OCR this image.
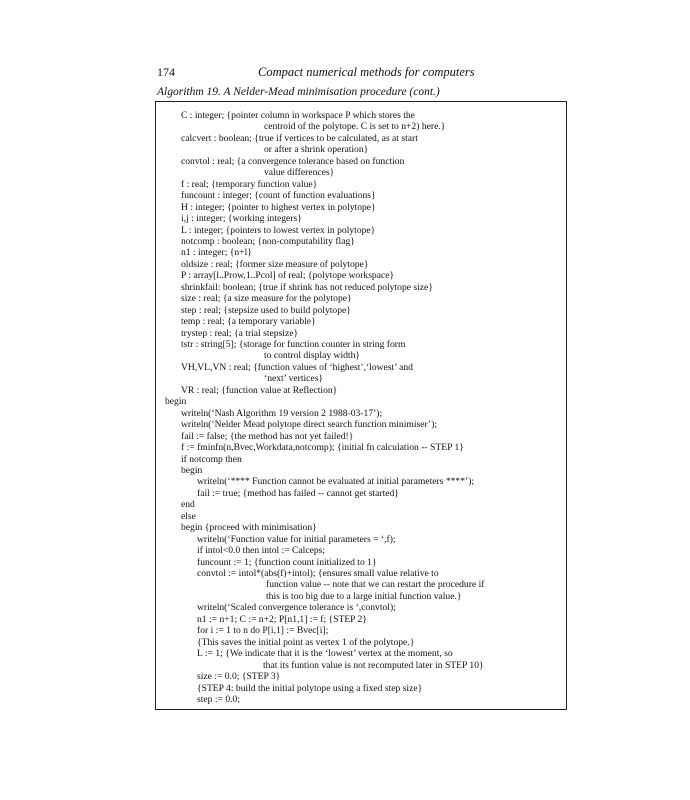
174	Compact numerical methods for computers
Algorithm 19. A Nelder-Mead minimisation procedure (cont.)
C : integer; {pointer column in workspace P which stores the
centroid of the polytope. C is set to n+2) here.}
calcvert : boolean; {true if vertices to be calculated, as at start
or after a shrink operation}
convtol : real; {a convergence tolerance based on function
value differences}
f : real; {temporary function value}
funcount : integer; {count of function evaluations}
H : integer; {pointer to highest vertex in polytope}
i,j : integer; {working integers}
L : integer; {pointers to lowest vertex in polytope}
notcomp : boolean; {non-computability flag}
n1 : integer; {n+l}
oldsize : real; {former size measure of polytope}
P : array[l..Prow,1..Pcol] of real; {polytope workspace}
shrinkfail: boolean; {true if shrink has not reduced polytope size}
size : real; {a size measure for the polytope}
step : real; {stepsize used to build polytope}
temp : real; {a temporary variable}
trystep : real; {a trial stepsize}
tstr : string[5]; {storage for function counter in string form
to control display width}
VH,VL,VN : real; {function values of ‘highest’,‘lowest’ and
‘next’ vertices}
VR : real; {function value at Reflection}
begin
writeln(‘Nash Algorithm 19 version 2 1988-03-17’);
writeln(‘Nelder Mead polytope direct search function minimiser’);
fail := false; {the method has not yet failed!}
f := fminfn(n,Bvec,Workdata,notcomp); {initial fn calculation -- STEP 1}
if notcomp then
begin
writeln(‘**** Function cannot be evaluated at initial parameters ****’);
fail := true; {method has failed -- cannot get started}
end
else
begin {proceed with minimisation}
writeln(‘Function value for initial parameters = ‘,f);
if intol<0.0 then intol := Calceps;
funcount := 1; {function count initialized to 1}
convtol := intol*(abs(f)+intol); {ensures small value relative to
function value -- note that we can restart the procedure if
this is too big due to a large initial function value.}
writeln(‘Scaled convergence tolerance is ‘,convtol);
n1 := n+1; C := n+2; P[n1,1] := f; {STEP 2}
for i := 1 to n do P[i,1] := Bvec[i];
{This saves the initial point as vertex 1 of the polytope.}
L := 1; {We indicate that it is the ‘lowest’ vertex at the moment, so
that its funtion value is not recomputed later in STEP 10}
size := 0.0; {STEP 3}
{STEP 4: build the initial polytope using a fixed step size}
step := 0.0;
